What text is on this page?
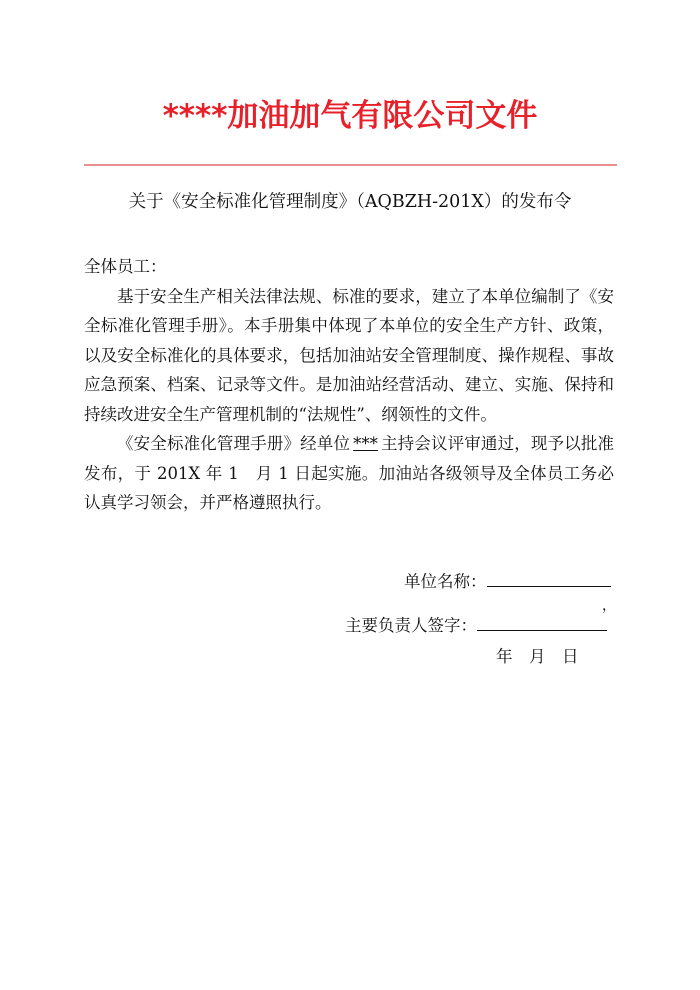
****加油加气有限公司文件
关于《安全标准化管理制度》（AQBZH-201X）的发布令

全体员工：

基于安全生产相关法律法规、标准的要求，建立了本单位编制了《安全标准化管理手册》。本手册集中体现了本单位的安全生产方针、政策，以及安全标准化的具体要求，包括加油站安全管理制度、操作规程、事故应急预案、档案、记录等文件。是加油站经营活动、建立、实施、保持和持续改进安全生产管理机制的“法规性”、纲领性的文件。

《安全标准化管理手册》经单位 *** 主持会议评审通过，现予以批准发布，于 201X 年 1　月 1 日起实施。加油站各级领导及全体员工务必认真学习领会，并严格遵照执行。

单位名称：
，
主要负责人签字：
年　月　日
